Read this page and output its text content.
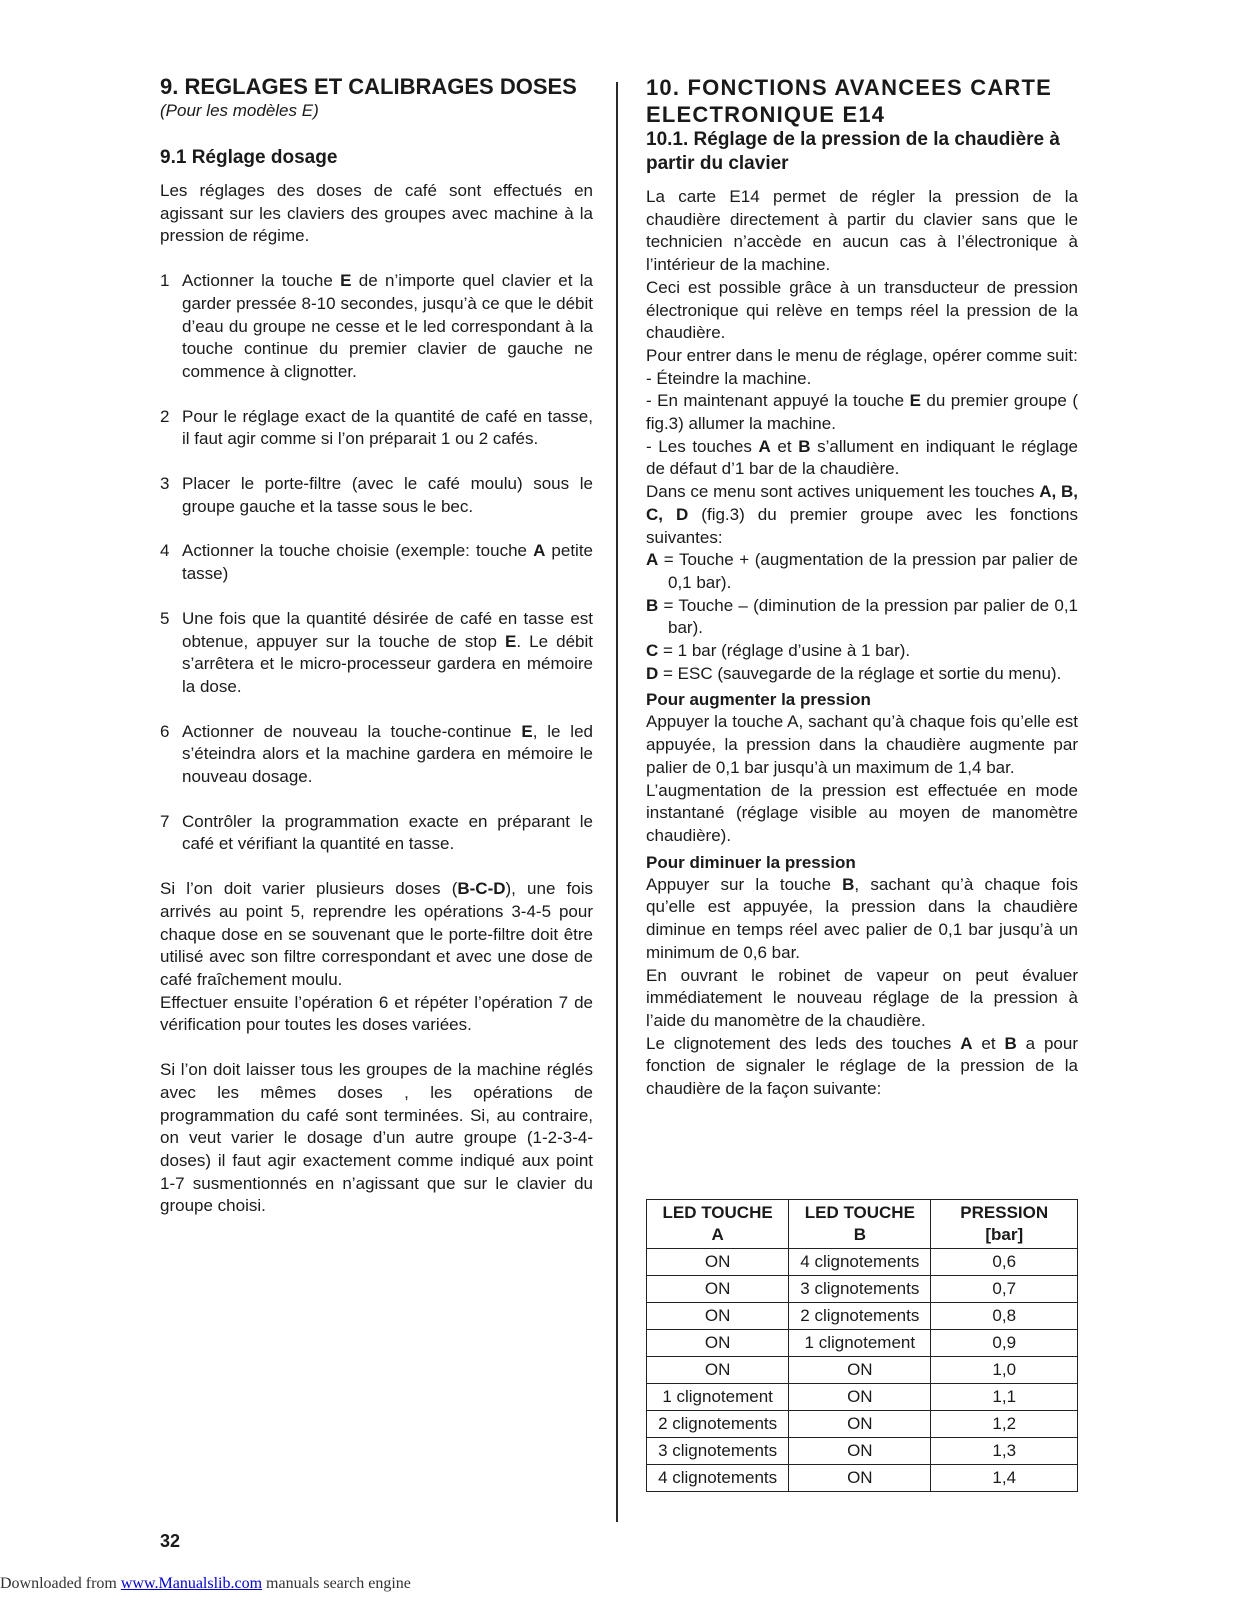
9. REGLAGES ET CALIBRAGES DOSES
(Pour les modèles E)
9.1 Réglage dosage

Les réglages des doses de café sont effectués en agissant sur les claviers des groupes avec machine à la pression de régime.

1 Actionner la touche E de n’importe quel clavier et la garder pressée 8-10 secondes, jusqu’à ce que le débit d’eau du groupe ne cesse et le led correspondant à la touche continue du premier clavier de gauche ne commence à clignotter.
2 Pour le réglage exact de la quantité de café en tasse, il faut agir comme si l’on préparait 1 ou 2 cafés.
3 Placer le porte-filtre (avec le café moulu) sous le groupe gauche et la tasse sous le bec.
4 Actionner la touche choisie (exemple: touche A petite tasse)
5 Une fois que la quantité désirée de café en tasse est obtenue, appuyer sur la touche de stop E. Le débit s’arrêtera et le micro-processeur gardera en mémoire la dose.
6 Actionner de nouveau la touche-continue E, le led s’éteindra alors et la machine gardera en mémoire le nouveau dosage.
7 Contrôler la programmation exacte en préparant le café et vérifiant la quantité en tasse.

Si l’on doit varier plusieurs doses (B-C-D), une fois arrivés au point 5, reprendre les opérations 3-4-5 pour chaque dose en se souvenant que le porte-filtre doit être utilisé avec son filtre correspondant et avec une dose de café fraîchement moulu.

Effectuer ensuite l’opération 6 et répéter l’opération 7 de vérification pour toutes les doses variées.

Si l’on doit laisser tous les groupes de la machine réglés avec les mêmes doses , les opérations de programmation du café sont terminées. Si, au contraire, on veut varier le dosage d’un autre groupe (1-2-3-4- doses) il faut agir exactement comme indiqué aux point 1-7 susmentionnés en n’agissant que sur le clavier du groupe choisi.

10. FONCTIONS AVANCEES CARTE
ELECTRONIQUE E14
10.1. Réglage de la pression de la chaudière à partir du clavier

La carte E14 permet de régler la pression de la chaudière directement à partir du clavier sans que le technicien n’accède en aucun cas à l’électronique à l’intérieur de la machine.

Ceci est possible grâce à un transducteur de pression électronique qui relève en temps réel la pression de la chaudière.

Pour entrer dans le menu de réglage, opérer comme suit:

- Éteindre la machine.

- En maintenant appuyé la touche E du premier groupe ( fig.3) allumer la machine.

- Les touches A et B s’allument en indiquant le réglage de défaut d’1 bar de la chaudière.

Dans ce menu sont actives uniquement les touches A, B, C, D (fig.3) du premier groupe avec les fonctions suivantes:

A = Touche + (augmentation de la pression par palier de 0,1 bar).
B = Touche – (diminution de la pression par palier de 0,1 bar).
C = 1 bar (réglage d’usine à 1 bar).
D = ESC (sauvegarde de la réglage et sortie du menu).
Pour augmenter la pression

Appuyer la touche A, sachant qu’à chaque fois qu’elle est appuyée, la pression dans la chaudière augmente par palier de 0,1 bar jusqu’à un maximum de 1,4 bar.

L’augmentation de la pression est effectuée en mode instantané (réglage visible au moyen de manomètre chaudière).

Pour diminuer la pression

Appuyer sur la touche B, sachant qu’à chaque fois qu’elle est appuyée, la pression dans la chaudière diminue en temps réel avec palier de 0,1 bar jusqu’à un minimum de 0,6 bar.

En ouvrant le robinet de vapeur on peut évaluer immédiatement le nouveau réglage de la pression à l’aide du manomètre de la chaudière.

Le clignotement des leds des touches A et B a pour fonction de signaler le réglage de la pression de la chaudière de la façon suivante:

LED TOUCHE
A	LED TOUCHE
B	PRESSION
[bar]
ON	4 clignotements	0,6
ON	3 clignotements	0,7
ON	2 clignotements	0,8
ON	1 clignotement	0,9
ON	ON	1,0
1 clignotement	ON	1,1
2 clignotements	ON	1,2
3 clignotements	ON	1,3
4 clignotements	ON	1,4
32
Downloaded from www.Manualslib.com manuals search engine
